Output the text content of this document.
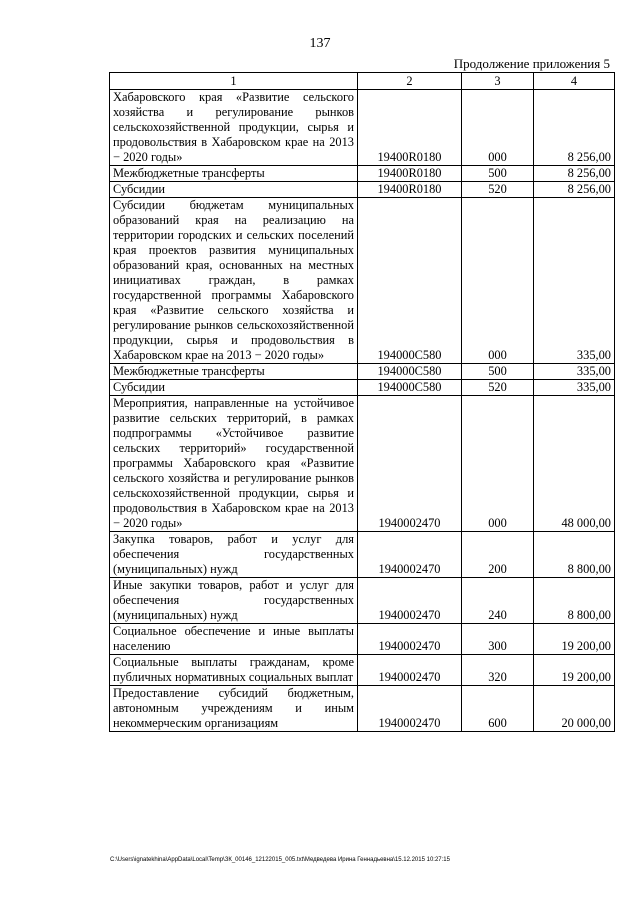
137
Продолжение приложения 5
1	2	3	4
Хабаровского края «Развитие сельского хозяйства и регулирование рынков сельскохозяйственной продукции, сырья и продовольствия в Хабаровском крае на 2013 − 2020 годы»	19400R0180	000	8 256,00
Межбюджетные трансферты	19400R0180	500	8 256,00
Субсидии	19400R0180	520	8 256,00
Субсидии бюджетам муниципальных образований края на реализацию на территории городских и сельских поселений края проектов развития муниципальных образований края, основанных на местных инициативах граждан, в рамках государственной программы Хабаровского края «Развитие сельского хозяйства и регулирование рынков сельскохозяйственной продукции, сырья и продовольствия в Хабаровском крае на 2013 − 2020 годы»	194000С580	000	335,00
Межбюджетные трансферты	194000С580	500	335,00
Субсидии	194000С580	520	335,00
Мероприятия, направленные на устойчивое развитие сельских территорий, в рамках подпрограммы «Устойчивое развитие сельских территорий» государственной программы Хабаровского края «Развитие сельского хозяйства и регулирование рынков сельскохозяйственной продукции, сырья и продовольствия в Хабаровском крае на 2013 − 2020 годы»	1940002470	000	48 000,00
Закупка товаров, работ и услуг для обеспечения государственных (муниципальных) нужд	1940002470	200	8 800,00
Иные закупки товаров, работ и услуг для обеспечения государственных (муниципальных) нужд	1940002470	240	8 800,00
Социальное обеспечение и иные выплаты населению	1940002470	300	19 200,00
Социальные выплаты гражданам, кроме публичных нормативных социальных выплат	1940002470	320	19 200,00
Предоставление субсидий бюджетным, автономным учреждениям и иным некоммерческим организациям	1940002470	600	20 000,00
C:\Users\ignatekhina\AppData\Local\Temp\ЗК_00146_12122015_005.txt\Медведева Ирина Геннадьевна\15.12.2015 10:27:15
